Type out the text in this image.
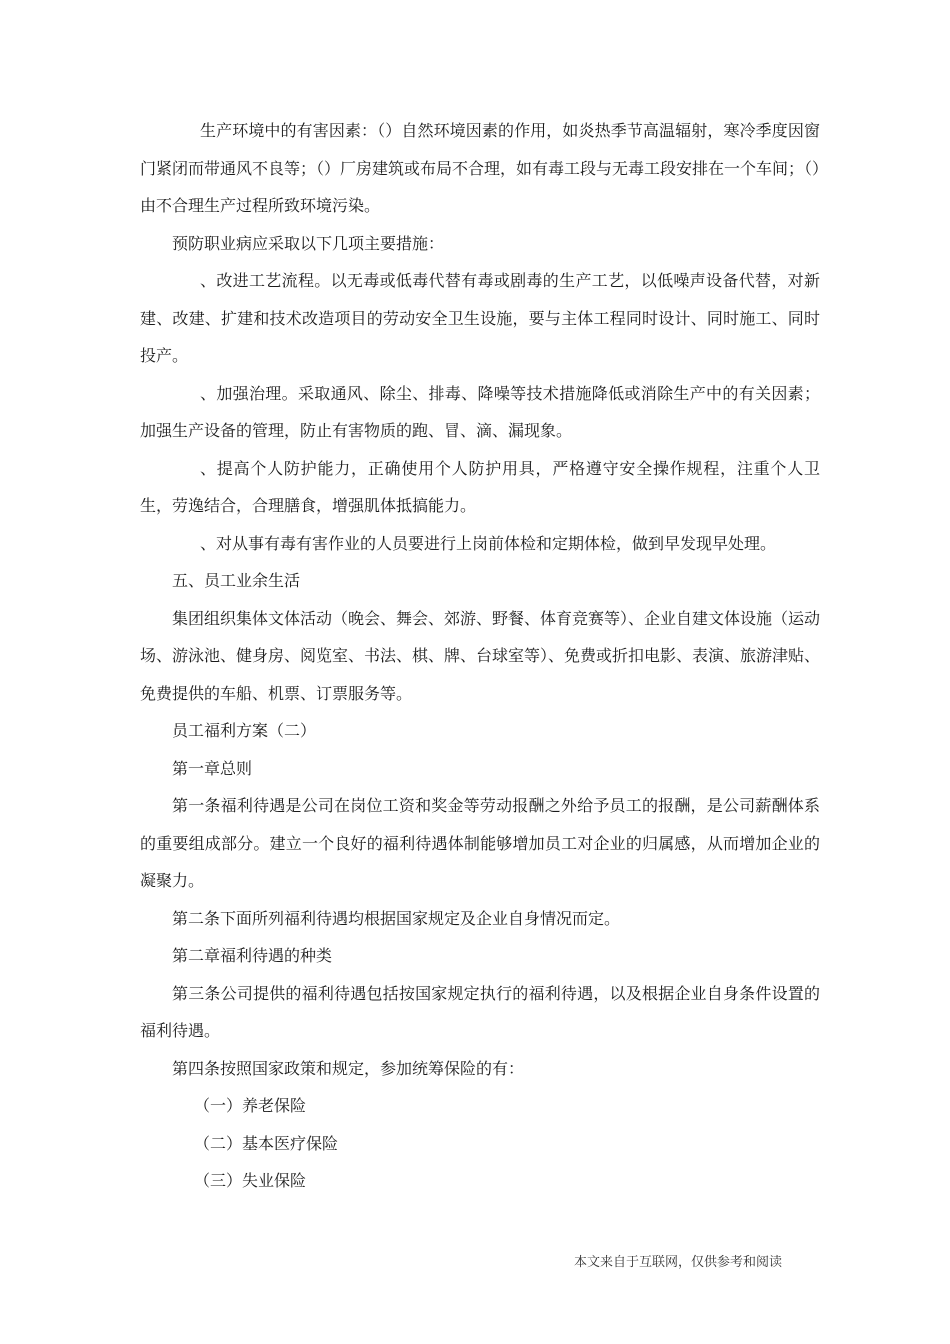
生产环境中的有害因素：（）自然环境因素的作用，如炎热季节高温辐射，寒冷季度因窗门紧闭而带通风不良等；（）厂房建筑或布局不合理，如有毒工段与无毒工段安排在一个车间；（）由不合理生产过程所致环境污染。

预防职业病应采取以下几项主要措施：

、改进工艺流程。以无毒或低毒代替有毒或剧毒的生产工艺，以低噪声设备代替，对新建、改建、扩建和技术改造项目的劳动安全卫生设施，要与主体工程同时设计、同时施工、同时投产。

、加强治理。采取通风、除尘、排毒、降噪等技术措施降低或消除生产中的有关因素；加强生产设备的管理，防止有害物质的跑、冒、滴、漏现象。

、提高个人防护能力，正确使用个人防护用具，严格遵守安全操作规程，注重个人卫生，劳逸结合，合理膳食，增强肌体抵搞能力。

、对从事有毒有害作业的人员要进行上岗前体检和定期体检，做到早发现早处理。

五、员工业余生活

集团组织集体文体活动（晚会、舞会、郊游、野餐、体育竞赛等）、企业自建文体设施（运动场、游泳池、健身房、阅览室、书法、棋、牌、台球室等）、免费或折扣电影、表演、旅游津贴、免费提供的车船、机票、订票服务等。

员工福利方案（二）

第一章总则

第一条福利待遇是公司在岗位工资和奖金等劳动报酬之外给予员工的报酬，是公司薪酬体系的重要组成部分。建立一个良好的福利待遇体制能够增加员工对企业的归属感，从而增加企业的凝聚力。

第二条下面所列福利待遇均根据国家规定及企业自身情况而定。

第二章福利待遇的种类

第三条公司提供的福利待遇包括按国家规定执行的福利待遇，以及根据企业自身条件设置的福利待遇。

第四条按照国家政策和规定，参加统筹保险的有：

（一）养老保险

（二）基本医疗保险

（三）失业保险

本文来自于互联网，仅供参考和阅读
